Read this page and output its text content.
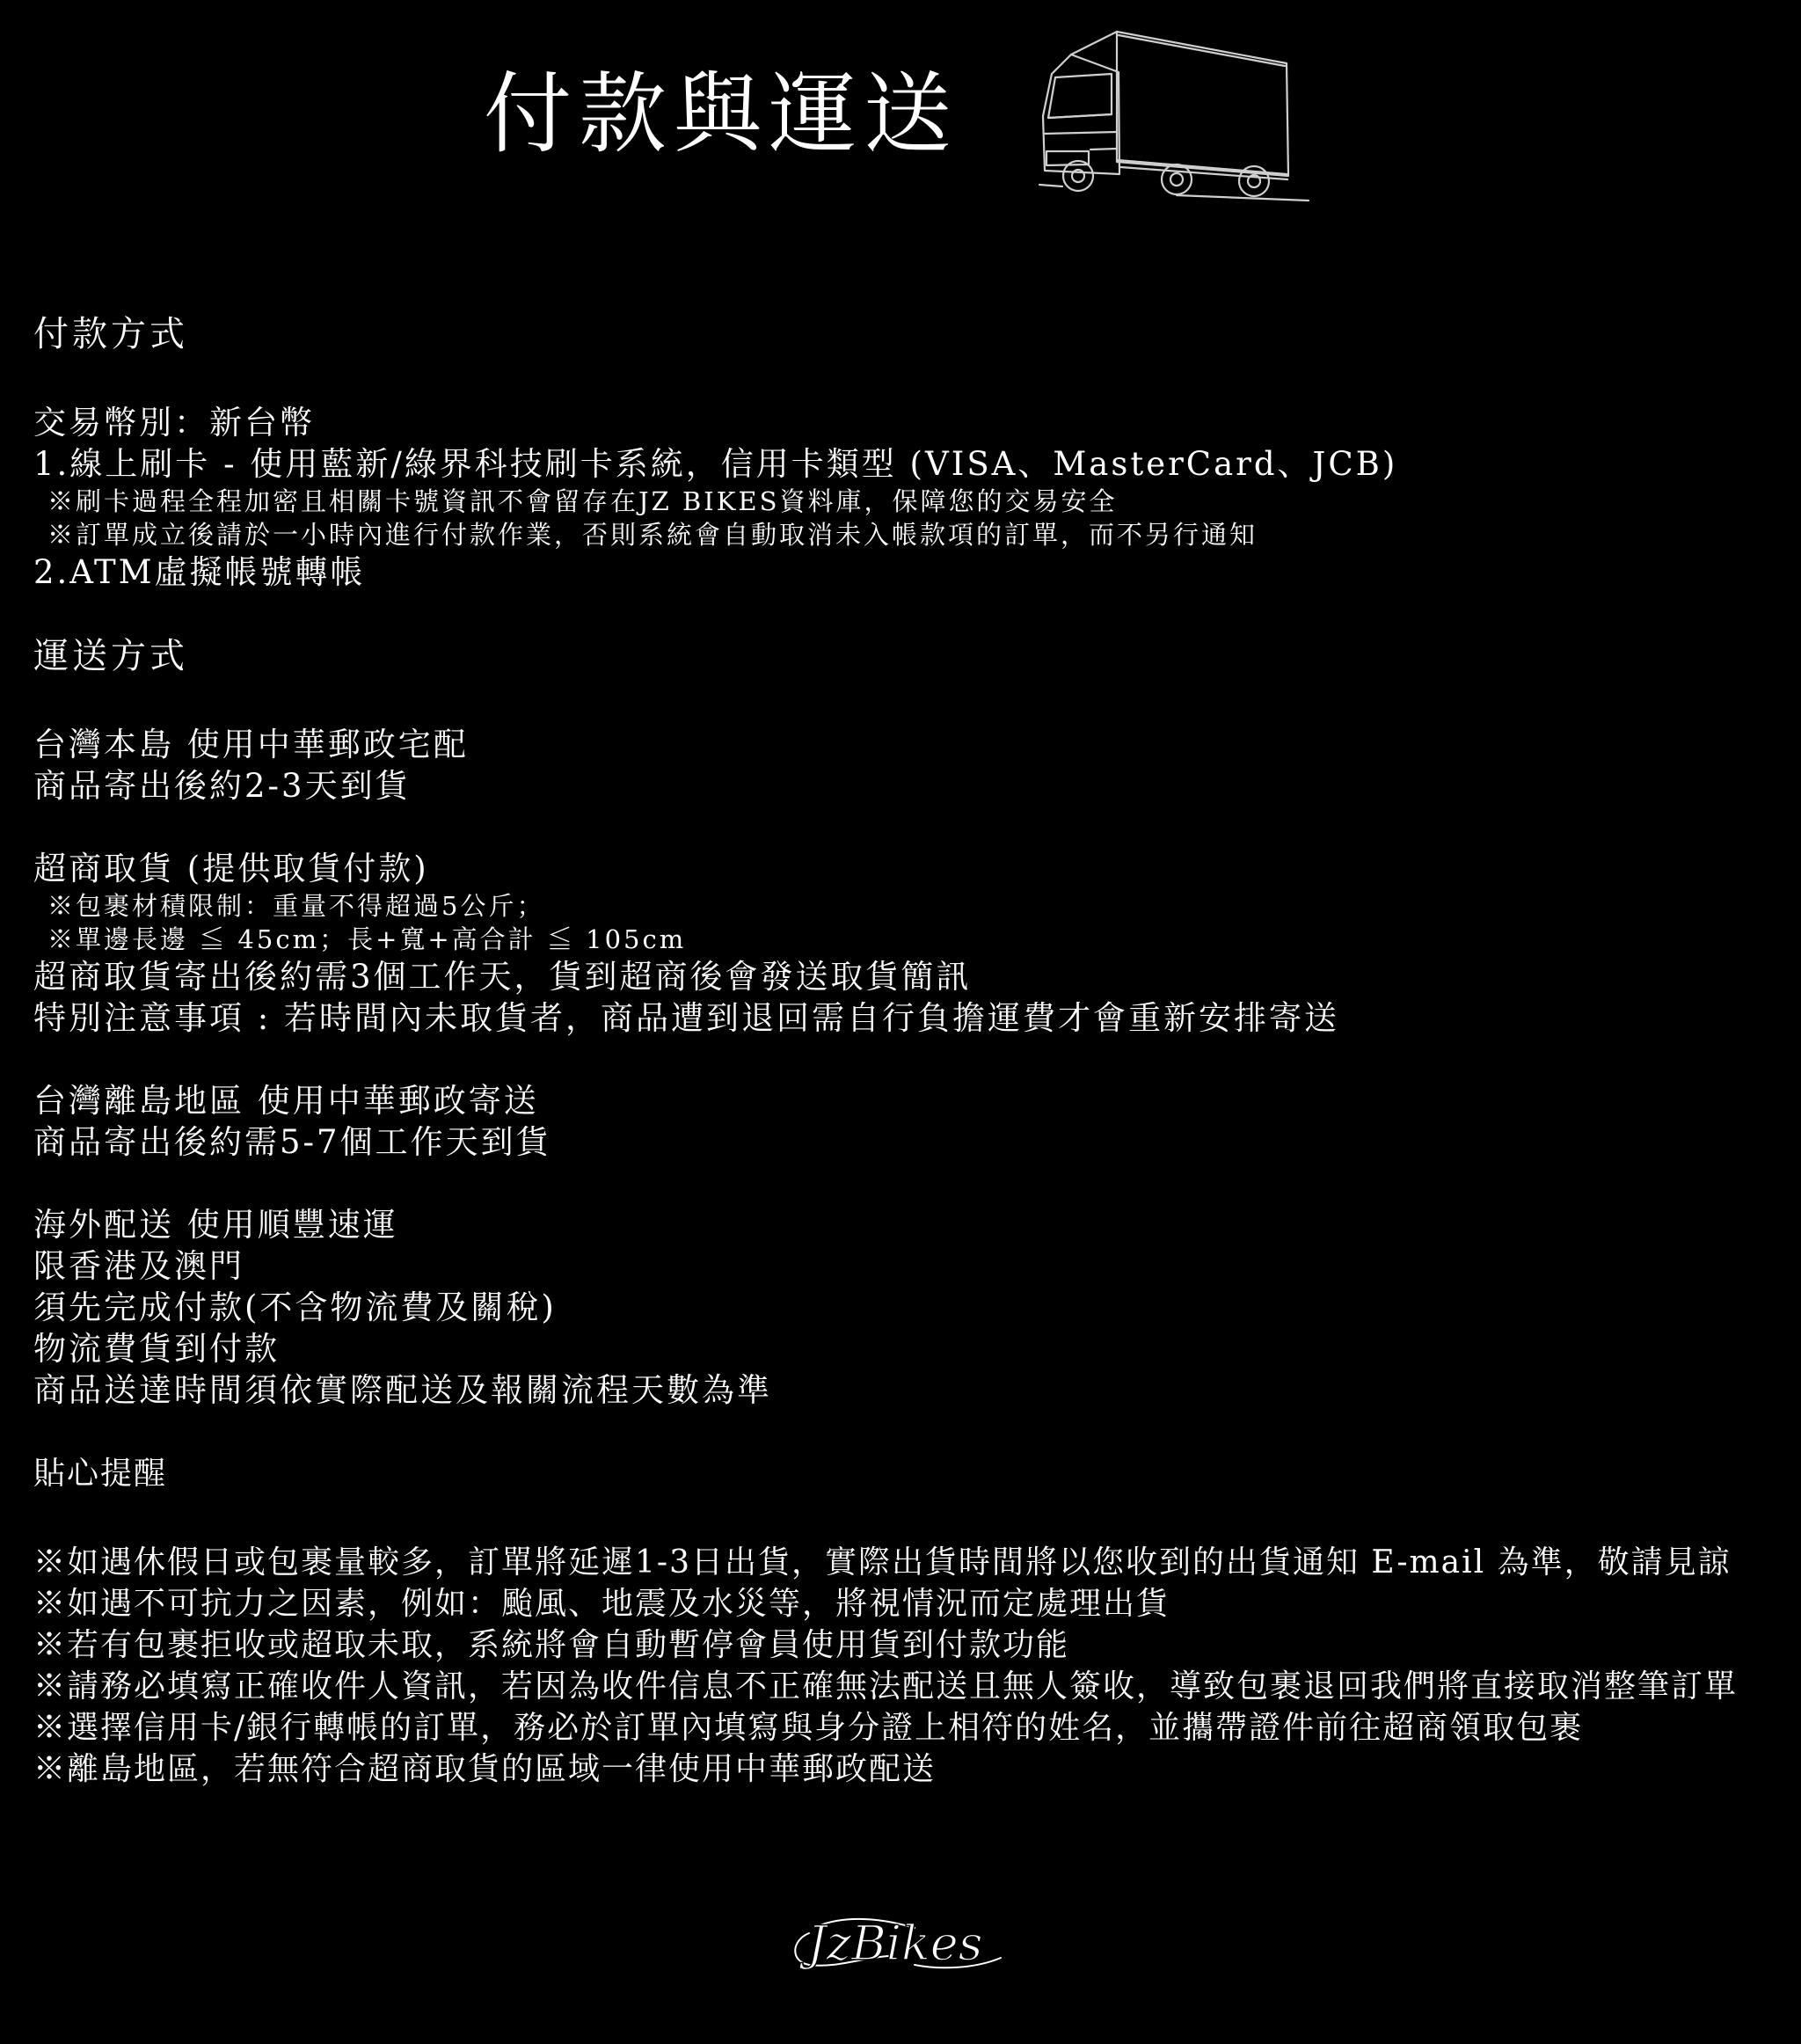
付款與運送
付款方式
交易幣別：新台幣
1.線上刷卡 - 使用藍新/綠界科技刷卡系統，信用卡類型 (VISA、MasterCard、JCB)
※刷卡過程全程加密且相關卡號資訊不會留存在JZ BIKES資料庫，保障您的交易安全
※訂單成立後請於一小時內進行付款作業，否則系統會自動取消未入帳款項的訂單，而不另行通知
2.ATM虛擬帳號轉帳
運送方式
台灣本島 使用中華郵政宅配
商品寄出後約2-3天到貨
超商取貨 (提供取貨付款)
※包裹材積限制：重量不得超過5公斤；
※單邊長邊 ≦ 45cm；長+寬+高合計 ≦ 105cm
超商取貨寄出後約需3個工作天，貨到超商後會發送取貨簡訊
特別注意事項 : 若時間內未取貨者，商品遭到退回需自行負擔運費才會重新安排寄送
台灣離島地區 使用中華郵政寄送
商品寄出後約需5-7個工作天到貨
海外配送 使用順豐速運
限香港及澳門
須先完成付款(不含物流費及關稅)
物流費貨到付款
商品送達時間須依實際配送及報關流程天數為準
貼心提醒
※如遇休假日或包裹量較多，訂單將延遲1-3日出貨，實際出貨時間將以您收到的出貨通知 E-mail 為準，敬請見諒
※如遇不可抗力之因素，例如：颱風、地震及水災等，將視情況而定處理出貨
※若有包裹拒收或超取未取，系統將會自動暫停會員使用貨到付款功能
※請務必填寫正確收件人資訊，若因為收件信息不正確無法配送且無人簽收，導致包裹退回我們將直接取消整筆訂單
※選擇信用卡/銀行轉帳的訂單，務必於訂單內填寫與身分證上相符的姓名，並攜帶證件前往超商領取包裹
※離島地區，若無符合超商取貨的區域一律使用中華郵政配送
JzBikes
